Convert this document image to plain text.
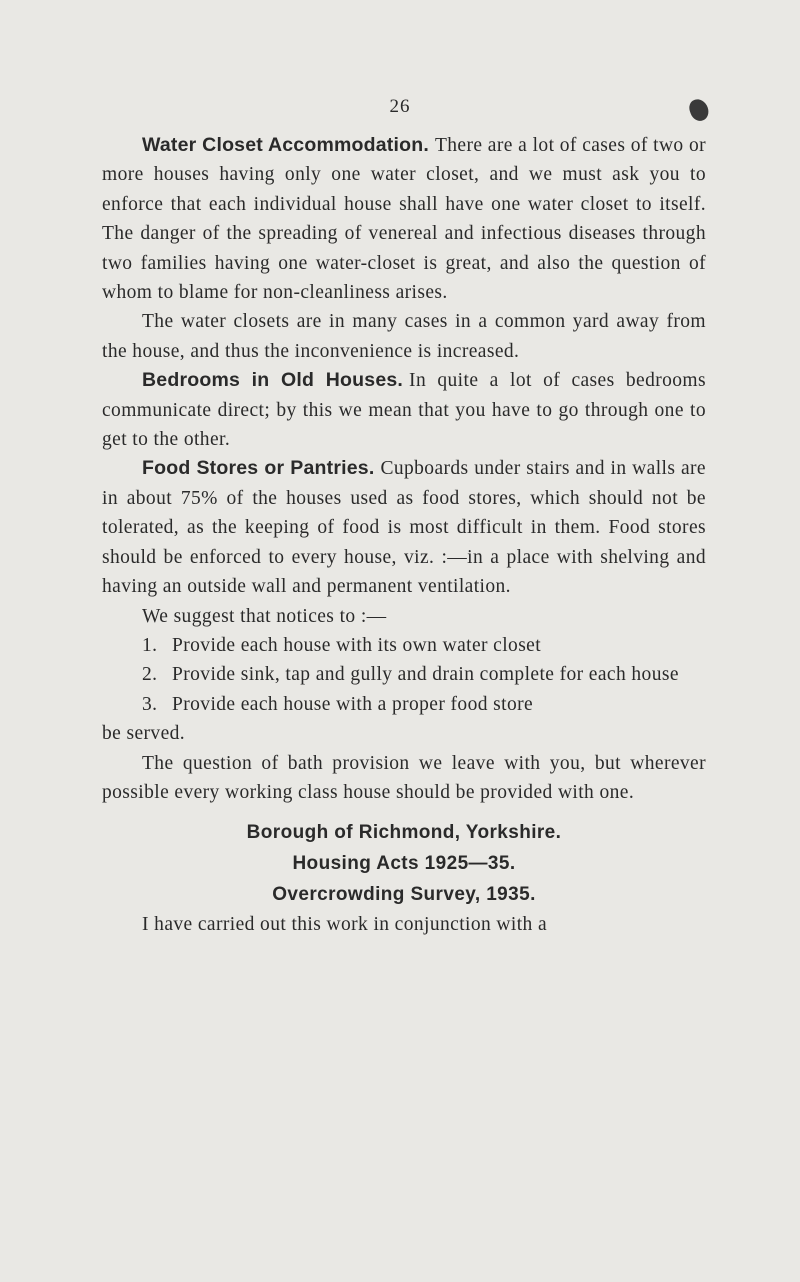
26

Water Closet Accommodation. There are a lot of cases of two or more houses having only one water closet, and we must ask you to enforce that each individual house shall have one water closet to itself. The danger of the spreading of venereal and infectious diseases through two families having one water-closet is great, and also the question of whom to blame for non-cleanliness arises.

The water closets are in many cases in a common yard away from the house, and thus the inconvenience is increased.

Bedrooms in Old Houses. In quite a lot of cases bedrooms communicate direct; by this we mean that you have to go through one to get to the other.

Food Stores or Pantries. Cupboards under stairs and in walls are in about 75% of the houses used as food stores, which should not be tolerated, as the keeping of food is most difficult in them. Food stores should be enforced to every house, viz. :—in a place with shelving and having an outside wall and permanent ventilation.

We suggest that notices to :—

1. Provide each house with its own water closet
2. Provide sink, tap and gully and drain complete for each house
3. Provide each house with a proper food store

be served.

The question of bath provision we leave with you, but wherever possible every working class house should be provided with one.

Borough of Richmond, Yorkshire.

Housing Acts 1925—35.

Overcrowding Survey, 1935.

I have carried out this work in conjunction with a
